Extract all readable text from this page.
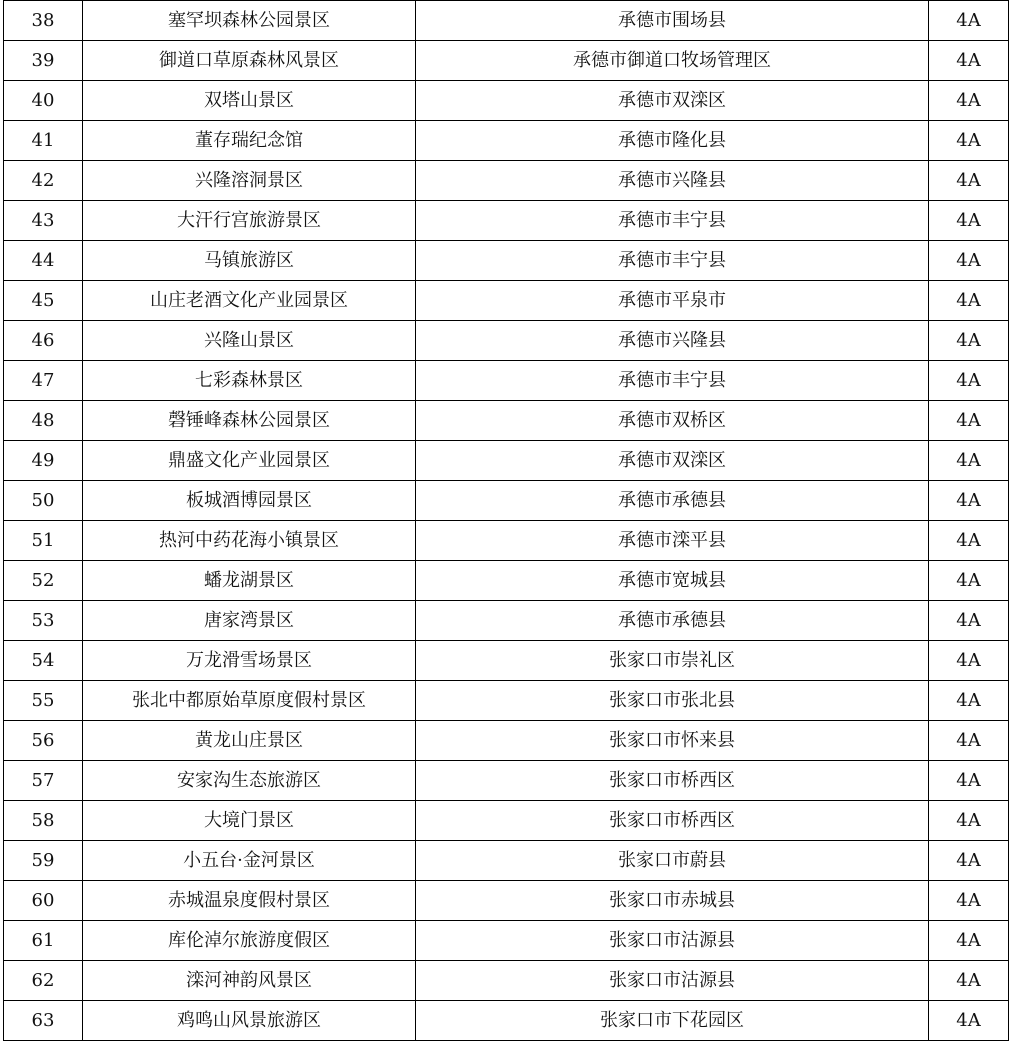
38	塞罕坝森林公园景区	承德市围场县	4A
39	御道口草原森林风景区	承德市御道口牧场管理区	4A
40	双塔山景区	承德市双滦区	4A
41	董存瑞纪念馆	承德市隆化县	4A
42	兴隆溶洞景区	承德市兴隆县	4A
43	大汗行宫旅游景区	承德市丰宁县	4A
44	马镇旅游区	承德市丰宁县	4A
45	山庄老酒文化产业园景区	承德市平泉市	4A
46	兴隆山景区	承德市兴隆县	4A
47	七彩森林景区	承德市丰宁县	4A
48	磬锤峰森林公园景区	承德市双桥区	4A
49	鼎盛文化产业园景区	承德市双滦区	4A
50	板城酒博园景区	承德市承德县	4A
51	热河中药花海小镇景区	承德市滦平县	4A
52	蟠龙湖景区	承德市宽城县	4A
53	唐家湾景区	承德市承德县	4A
54	万龙滑雪场景区	张家口市崇礼区	4A
55	张北中都原始草原度假村景区	张家口市张北县	4A
56	黄龙山庄景区	张家口市怀来县	4A
57	安家沟生态旅游区	张家口市桥西区	4A
58	大境门景区	张家口市桥西区	4A
59	小五台·金河景区	张家口市蔚县	4A
60	赤城温泉度假村景区	张家口市赤城县	4A
61	库伦淖尔旅游度假区	张家口市沽源县	4A
62	滦河神韵风景区	张家口市沽源县	4A
63	鸡鸣山风景旅游区	张家口市下花园区	4A
